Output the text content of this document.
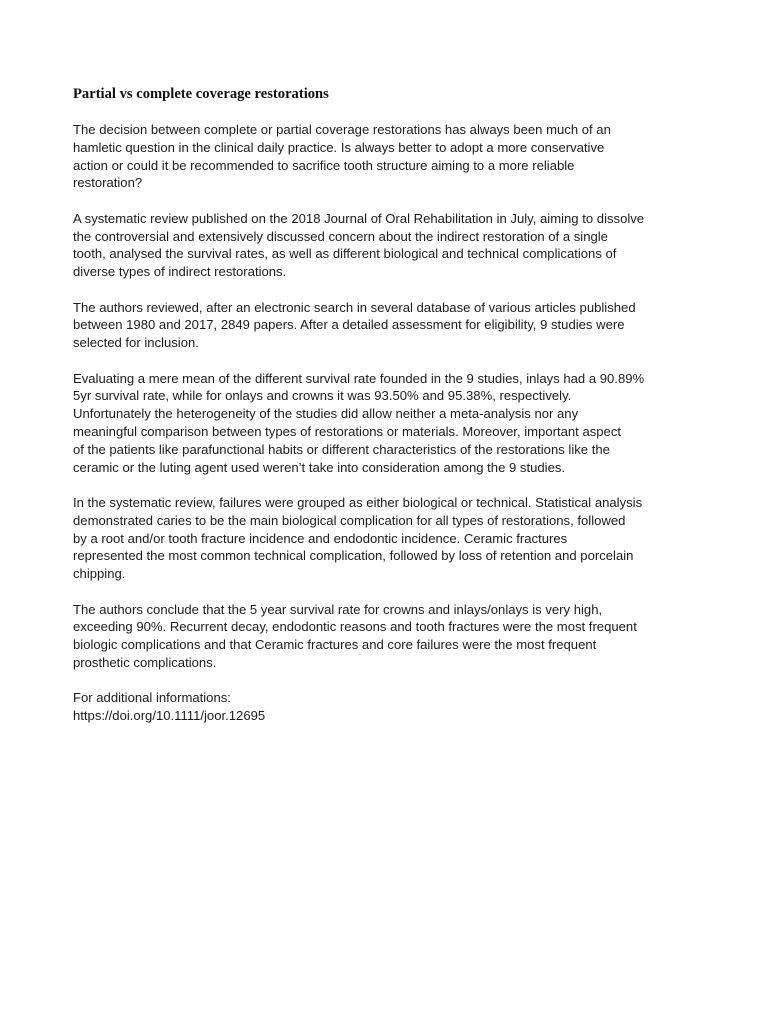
Partial vs complete coverage restorations
The decision between complete or partial coverage restorations has always been much of an
hamletic question in the clinical daily practice. Is always better to adopt a more conservative
action or could it be recommended to sacrifice tooth structure aiming to a more reliable
restoration?
A systematic review published on the 2018 Journal of Oral Rehabilitation in July, aiming to dissolve
the controversial and extensively discussed concern about the indirect restoration of a single
tooth, analysed the survival rates, as well as different biological and technical complications of
diverse types of indirect restorations.
The authors reviewed, after an electronic search in several database of various articles published
between 1980 and 2017, 2849 papers. After a detailed assessment for eligibility, 9 studies were
selected for inclusion.
Evaluating a mere mean of the different survival rate founded in the 9 studies, inlays had a 90.89%
5yr survival rate, while for onlays and crowns it was 93.50% and 95.38%, respectively.
Unfortunately the heterogeneity of the studies did allow neither a meta-analysis nor any
meaningful comparison between types of restorations or materials. Moreover, important aspect
of the patients like parafunctional habits or different characteristics of the restorations like the
ceramic or the luting agent used weren’t take into consideration among the 9 studies.
In the systematic review, failures were grouped as either biological or technical. Statistical analysis
demonstrated caries to be the main biological complication for all types of restorations, followed
by a root and/or tooth fracture incidence and endodontic incidence. Ceramic fractures
represented the most common technical complication, followed by loss of retention and porcelain
chipping.
The authors conclude that the 5 year survival rate for crowns and inlays/onlays is very high,
exceeding 90%. Recurrent decay, endodontic reasons and tooth fractures were the most frequent
biologic complications and that Ceramic fractures and core failures were the most frequent
prosthetic complications.
For additional informations:
https://doi.org/10.1111/joor.12695
